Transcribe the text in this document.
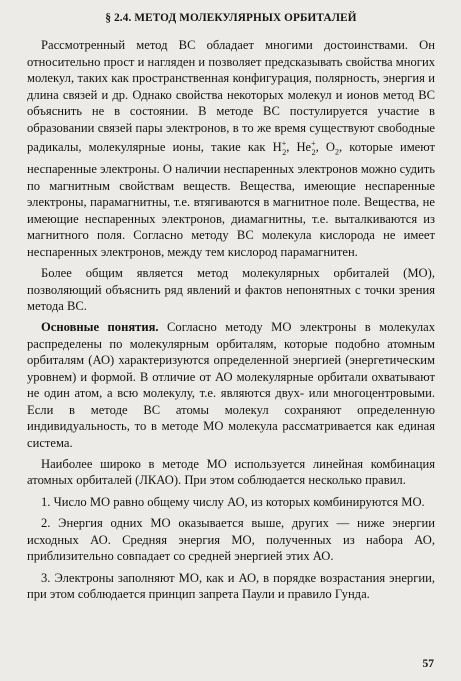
§ 2.4. МЕТОД МОЛЕКУЛЯРНЫХ ОРБИТАЛЕЙ

Рассмотренный метод ВС обладает многими достоинствами. Он относительно прост и нагляден и позволяет предсказывать свойства многих молекул, таких как пространственная конфигурация, полярность, энергия и длина связей и др. Однако свойства некоторых молекул и ионов метод ВС объяснить не в состоянии. В методе ВС постулируется участие в образовании связей пары электронов, в то же время существуют свободные радикалы, молекулярные ионы, такие как $H^+_2$, $He^+_2$, $O_2$, которые имеют неспаренные электроны. О наличии неспаренных электронов можно судить по магнитным свойствам веществ. Вещества, имеющие неспаренные электроны, парамагнитны, т.е. втягиваются в магнитное поле. Вещества, не имеющие неспаренных электронов, диамагнитны, т.е. выталкиваются из магнитного поля. Согласно методу ВС молекула кислорода не имеет неспаренных электронов, между тем кислород парамагнитен.

Более общим является метод молекулярных орбиталей (МО), позволяющий объяснить ряд явлений и фактов непонятных с точки зрения метода ВС.

Основные понятия. Согласно методу МО электроны в молекулах распределены по молекулярным орбиталям, которые подобно атомным орбиталям (АО) характеризуются определенной энергией (энергетическим уровнем) и формой. В отличие от АО молекулярные орбитали охватывают не один атом, а всю молекулу, т.е. являются двух- или многоцентровыми. Если в методе ВС атомы молекул сохраняют определенную индивидуальность, то в методе МО молекула рассматривается как единая система.

Наиболее широко в методе МО используется линейная комбинация атомных орбиталей (ЛКАО). При этом соблюдается несколько правил.

1. Число МО равно общему числу АО, из которых комбинируются МО.

2. Энергия одних МО оказывается выше, других — ниже энергии исходных АО. Средняя энергия МО, полученных из набора АО, приблизительно совпадает со средней энергией этих АО.

3. Электроны заполняют МО, как и АО, в порядке возрастания энергии, при этом соблюдается принцип запрета Паули и правило Гунда.

57
